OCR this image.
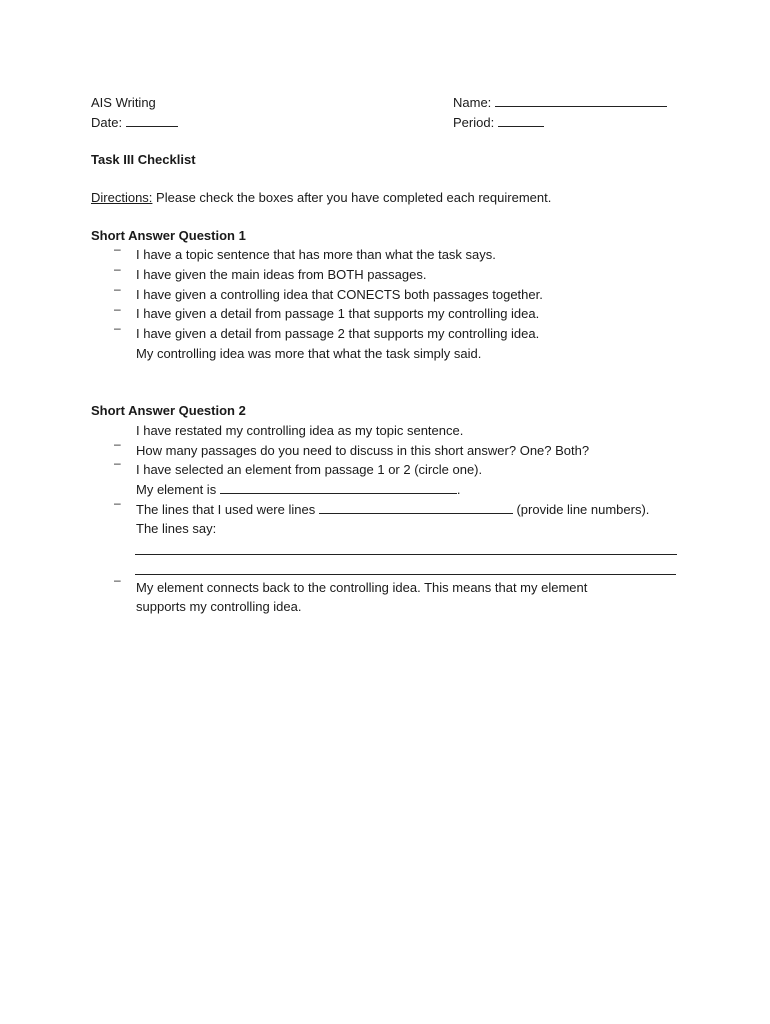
AIS Writing
Date:
Name:
Period:
Task III Checklist
Directions: Please check the boxes after you have completed each requirement.
Short Answer Question 1
–
–
–
–
–
I have a topic sentence that has more than what the task says.
I have given the main ideas from BOTH passages.
I have given a controlling idea that CONECTS both passages together.
I have given a detail from passage 1 that supports my controlling idea.
I have given a detail from passage 2 that supports my controlling idea.
My controlling idea was more that what the task simply said.
Short Answer Question 2
–
–
–
–
I have restated my controlling idea as my topic sentence.
How many passages do you need to discuss in this short answer? One? Both?
I have selected an element from passage 1 or 2 (circle one).
My element is	.
The lines that I used were lines	(provide line numbers).
The lines say:
My element connects back to the controlling idea. This means that my element
supports my controlling idea.
